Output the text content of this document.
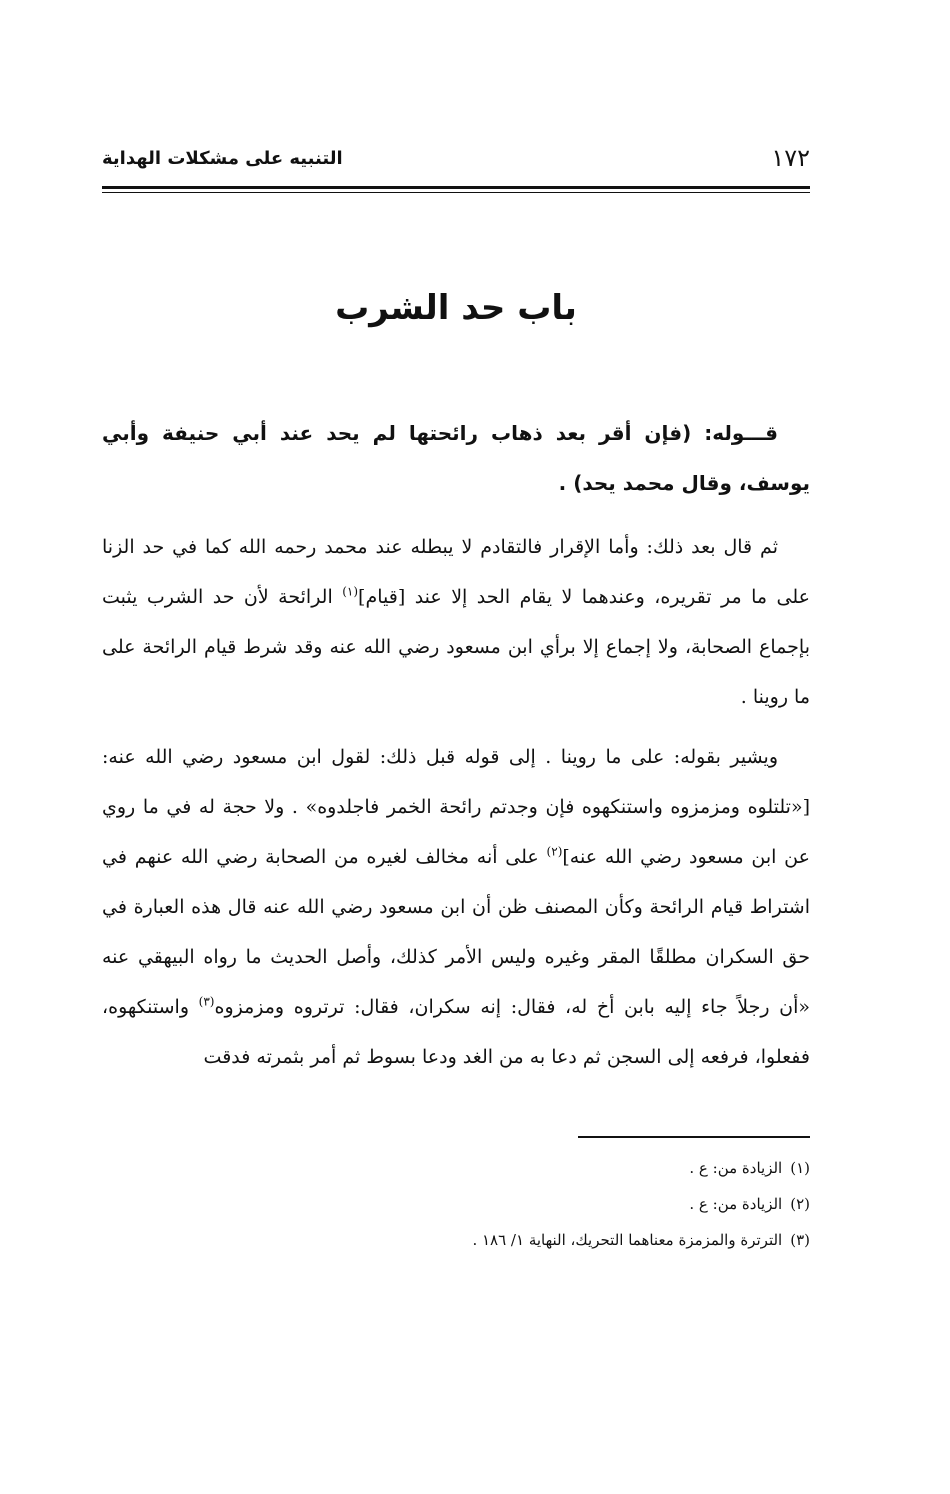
١٧٢
التنبيه على مشكلات الهداية
باب حد الشرب

قـــوله: (فإن أقر بعد ذهاب رائحتها لم يحد عند أبي حنيفة وأبي يوسف، وقال محمد يحد) .

ثم قال بعد ذلك: وأما الإقرار فالتقادم لا يبطله عند محمد رحمه الله كما في حد الزنا على ما مر تقريره، وعندهما لا يقام الحد إلا عند [قيام]$^{(١)}$ الرائحة لأن حد الشرب يثبت بإجماع الصحابة، ولا إجماع إلا برأي ابن مسعود رضي الله عنه وقد شرط قيام الرائحة على ما روينا .

ويشير بقوله: على ما روينا . إلى قوله قبل ذلك: لقول ابن مسعود رضي الله عنه: [«تلتلوه ومزمزوه واستنكهوه فإن وجدتم رائحة الخمر فاجلدوه» . ولا حجة له في ما روي عن ابن مسعود رضي الله عنه]$^{(٢)}$ على أنه مخالف لغيره من الصحابة رضي الله عنهم في اشتراط قيام الرائحة وكأن المصنف ظن أن ابن مسعود رضي الله عنه قال هذه العبارة في حق السكران مطلقًا المقر وغيره وليس الأمر كذلك، وأصل الحديث ما رواه البيهقي عنه «أن رجلاً جاء إليه بابن أخ له، فقال: إنه سكران، فقال: ترتروه ومزمزوه$^{(٣)}$ واستنكهوه، ففعلوا، فرفعه إلى السجن ثم دعا به من الغد ودعا بسوط ثم أمر بثمرته فدقت

(١)الزيادة من: ع .

(٢)الزيادة من: ع .

(٣)الترترة والمزمزة معناهما التحريك، النهاية ١/ ١٨٦ .
